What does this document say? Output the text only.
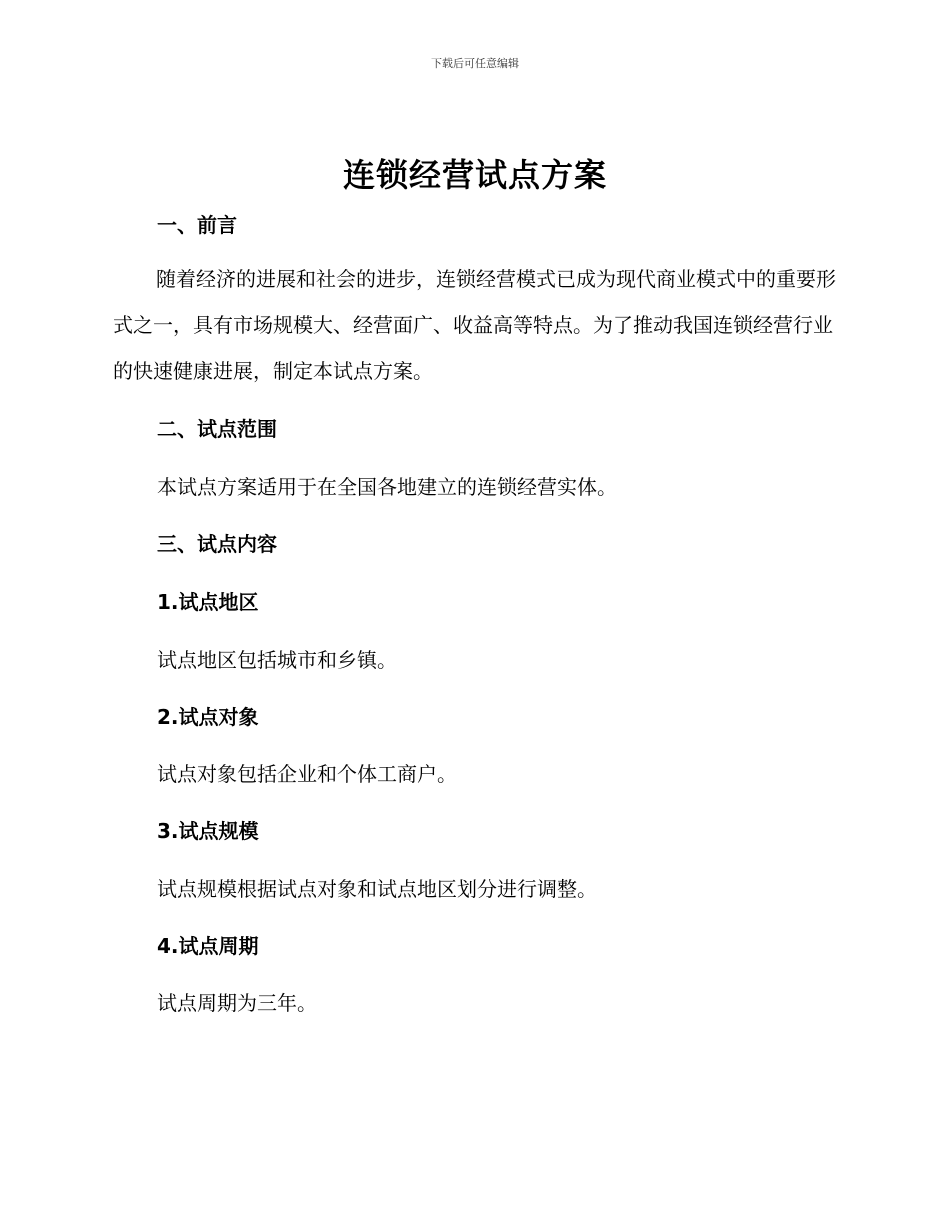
下载后可任意编辑
连锁经营试点方案
一、前言
随着经济的进展和社会的进步，连锁经营模式已成为现代商业模式中的重要形式之一，具有市场规模大、经营面广、收益高等特点。为了推动我国连锁经营行业的快速健康进展，制定本试点方案。
二、试点范围
本试点方案适用于在全国各地建立的连锁经营实体。
三、试点内容
1.试点地区
试点地区包括城市和乡镇。
2.试点对象
试点对象包括企业和个体工商户。
3.试点规模
试点规模根据试点对象和试点地区划分进行调整。
4.试点周期
试点周期为三年。
